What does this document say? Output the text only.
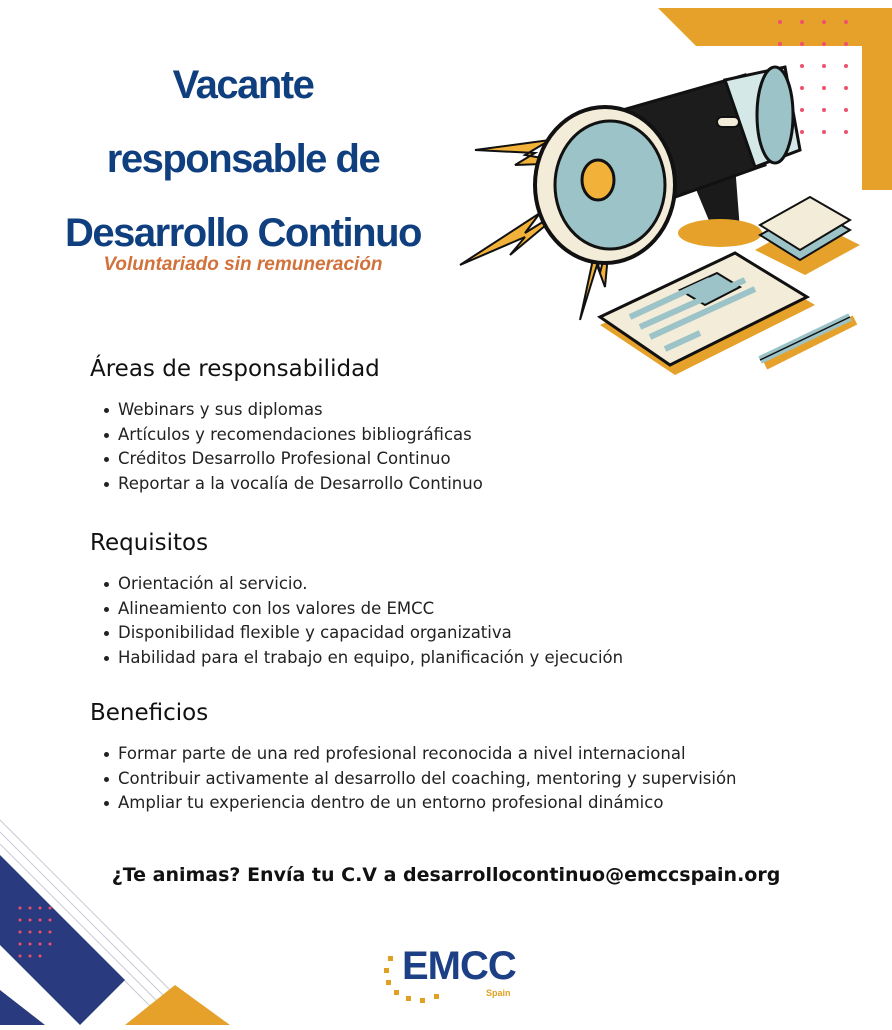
Vacante
responsable de
Desarrollo Continuo
Voluntariado sin remuneración
Áreas de responsabilidad
Webinars y sus diplomas
Artículos y recomendaciones bibliográficas
Créditos Desarrollo Profesional Continuo
Reportar a la vocalía de Desarrollo Continuo
Requisitos
Orientación al servicio.
Alineamiento con los valores de EMCC
Disponibilidad flexible y capacidad organizativa
Habilidad para el trabajo en equipo, planificación y ejecución
Beneficios
Formar parte de una red profesional reconocida a nivel internacional
Contribuir activamente al desarrollo del coaching, mentoring y supervisión
Ampliar tu experiencia dentro de un entorno profesional dinámico
¿Te animas? Envía tu C.V a desarrollocontinuo@emccspain.org
EMCC
Spain
